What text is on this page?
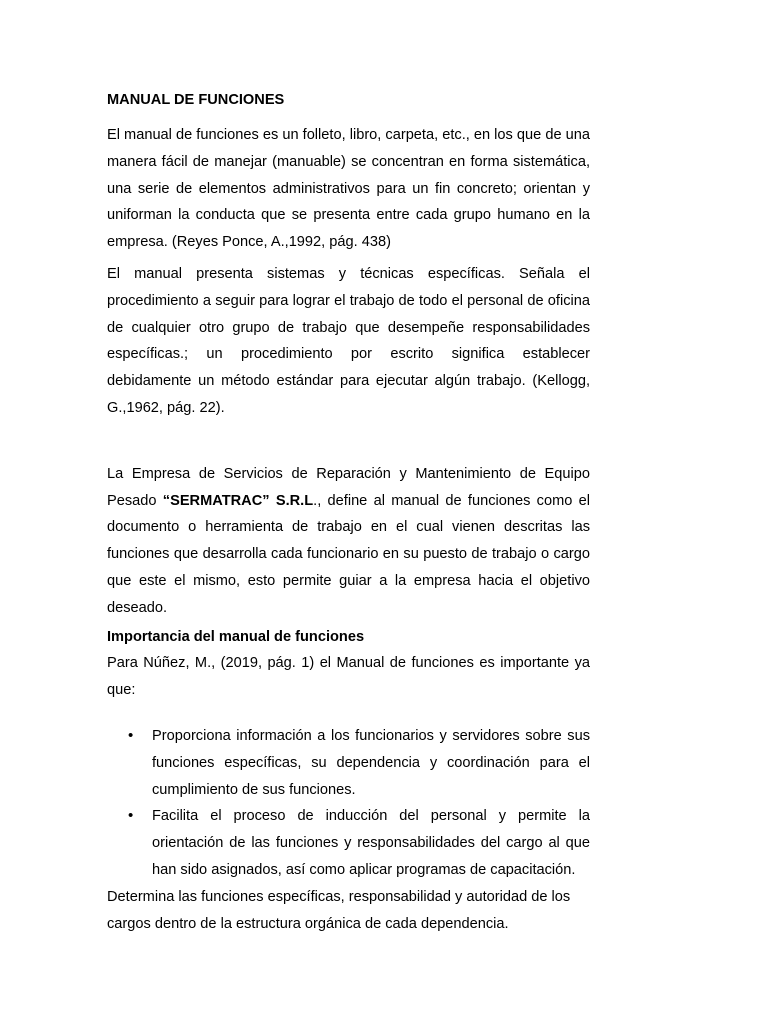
MANUAL DE FUNCIONES

El manual de funciones es un folleto, libro, carpeta, etc., en los que de una manera fácil de manejar (manuable) se concentran en forma sistemática, una serie de elementos administrativos para un fin concreto; orientan y uniforman la conducta que se presenta entre cada grupo humano en la empresa. (Reyes Ponce, A.,1992, pág. 438)

El manual presenta sistemas y técnicas específicas. Señala el procedimiento a seguir para lograr el trabajo de todo el personal de oficina de cualquier otro grupo de trabajo que desempeñe responsabilidades específicas.; un procedimiento por escrito significa establecer debidamente un método estándar para ejecutar algún trabajo. (Kellogg, G.,1962, pág. 22).

La Empresa de Servicios de Reparación y Mantenimiento de Equipo Pesado “SERMATRAC” S.R.L., define al manual de funciones como el documento o herramienta de trabajo en el cual vienen descritas las funciones que desarrolla cada funcionario en su puesto de trabajo o cargo que este el mismo, esto permite guiar a la empresa hacia el objetivo deseado.

Importancia del manual de funciones

Para Núñez, M., (2019, pág. 1) el Manual de funciones es importante ya que:

• Proporciona información a los funcionarios y servidores sobre sus funciones específicas, su dependencia y coordinación para el cumplimiento de sus funciones.
• Facilita el proceso de inducción del personal y permite la orientación de las funciones y responsabilidades del cargo al que han sido asignados, así como aplicar programas de capacitación.

Determina las funciones específicas, responsabilidad y autoridad de los cargos dentro de la estructura orgánica de cada dependencia.
